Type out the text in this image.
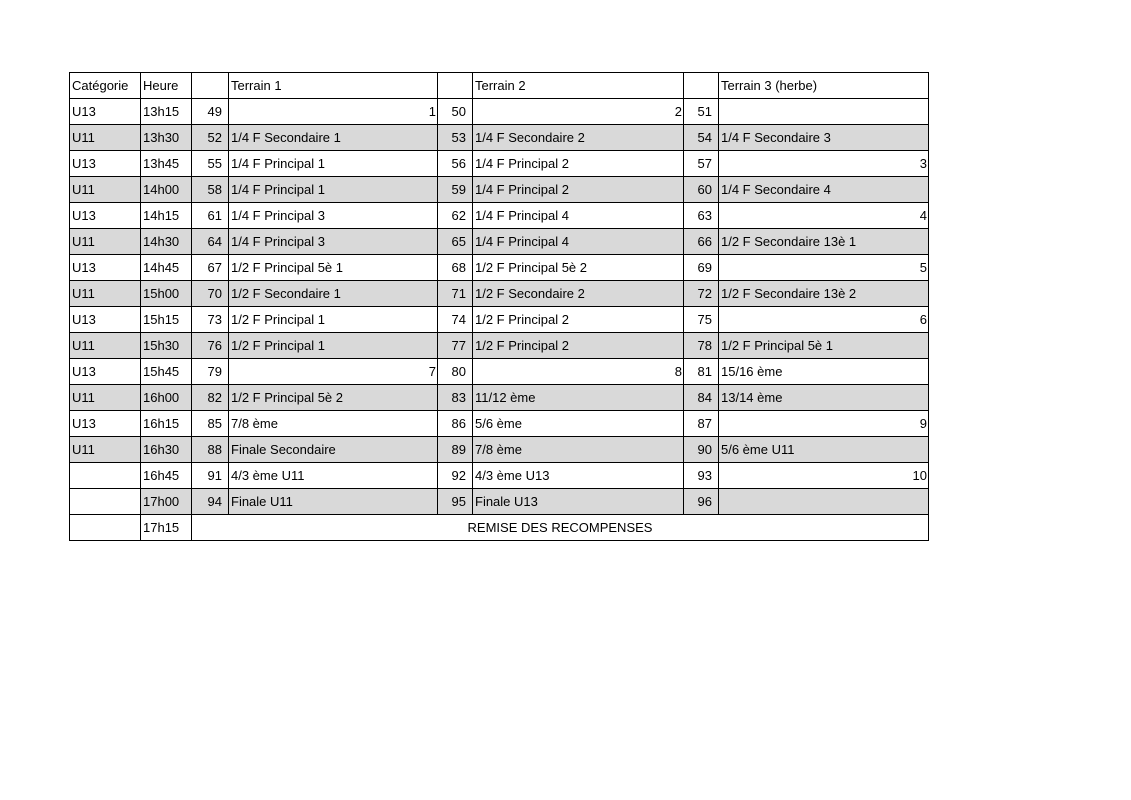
Catégorie	Heure		Terrain 1		Terrain 2		Terrain 3 (herbe)
U13	13h15	49	1	50	2	51	
U11	13h30	52	1/4 F Secondaire 1	53	1/4 F Secondaire 2	54	1/4 F Secondaire 3
U13	13h45	55	1/4 F Principal 1	56	1/4 F Principal 2	57	3
U11	14h00	58	1/4 F Principal 1	59	1/4 F Principal 2	60	1/4 F Secondaire 4
U13	14h15	61	1/4 F Principal 3	62	1/4 F Principal 4	63	4
U11	14h30	64	1/4 F Principal 3	65	1/4 F Principal 4	66	1/2 F Secondaire 13è 1
U13	14h45	67	1/2 F Principal 5è 1	68	1/2 F Principal 5è 2	69	5
U11	15h00	70	1/2 F Secondaire 1	71	1/2 F Secondaire 2	72	1/2 F Secondaire 13è 2
U13	15h15	73	1/2 F Principal 1	74	1/2 F Principal 2	75	6
U11	15h30	76	1/2 F Principal 1	77	1/2 F Principal 2	78	1/2 F Principal 5è 1
U13	15h45	79	7	80	8	81	15/16 ème
U11	16h00	82	1/2 F Principal 5è 2	83	11/12 ème	84	13/14 ème
U13	16h15	85	7/8 ème	86	5/6 ème	87	9
U11	16h30	88	Finale Secondaire	89	7/8 ème	90	5/6 ème U11
	16h45	91	4/3 ème U11	92	4/3 ème U13	93	10
	17h00	94	Finale U11	95	Finale U13	96	
	17h15	REMISE DES RECOMPENSES					
